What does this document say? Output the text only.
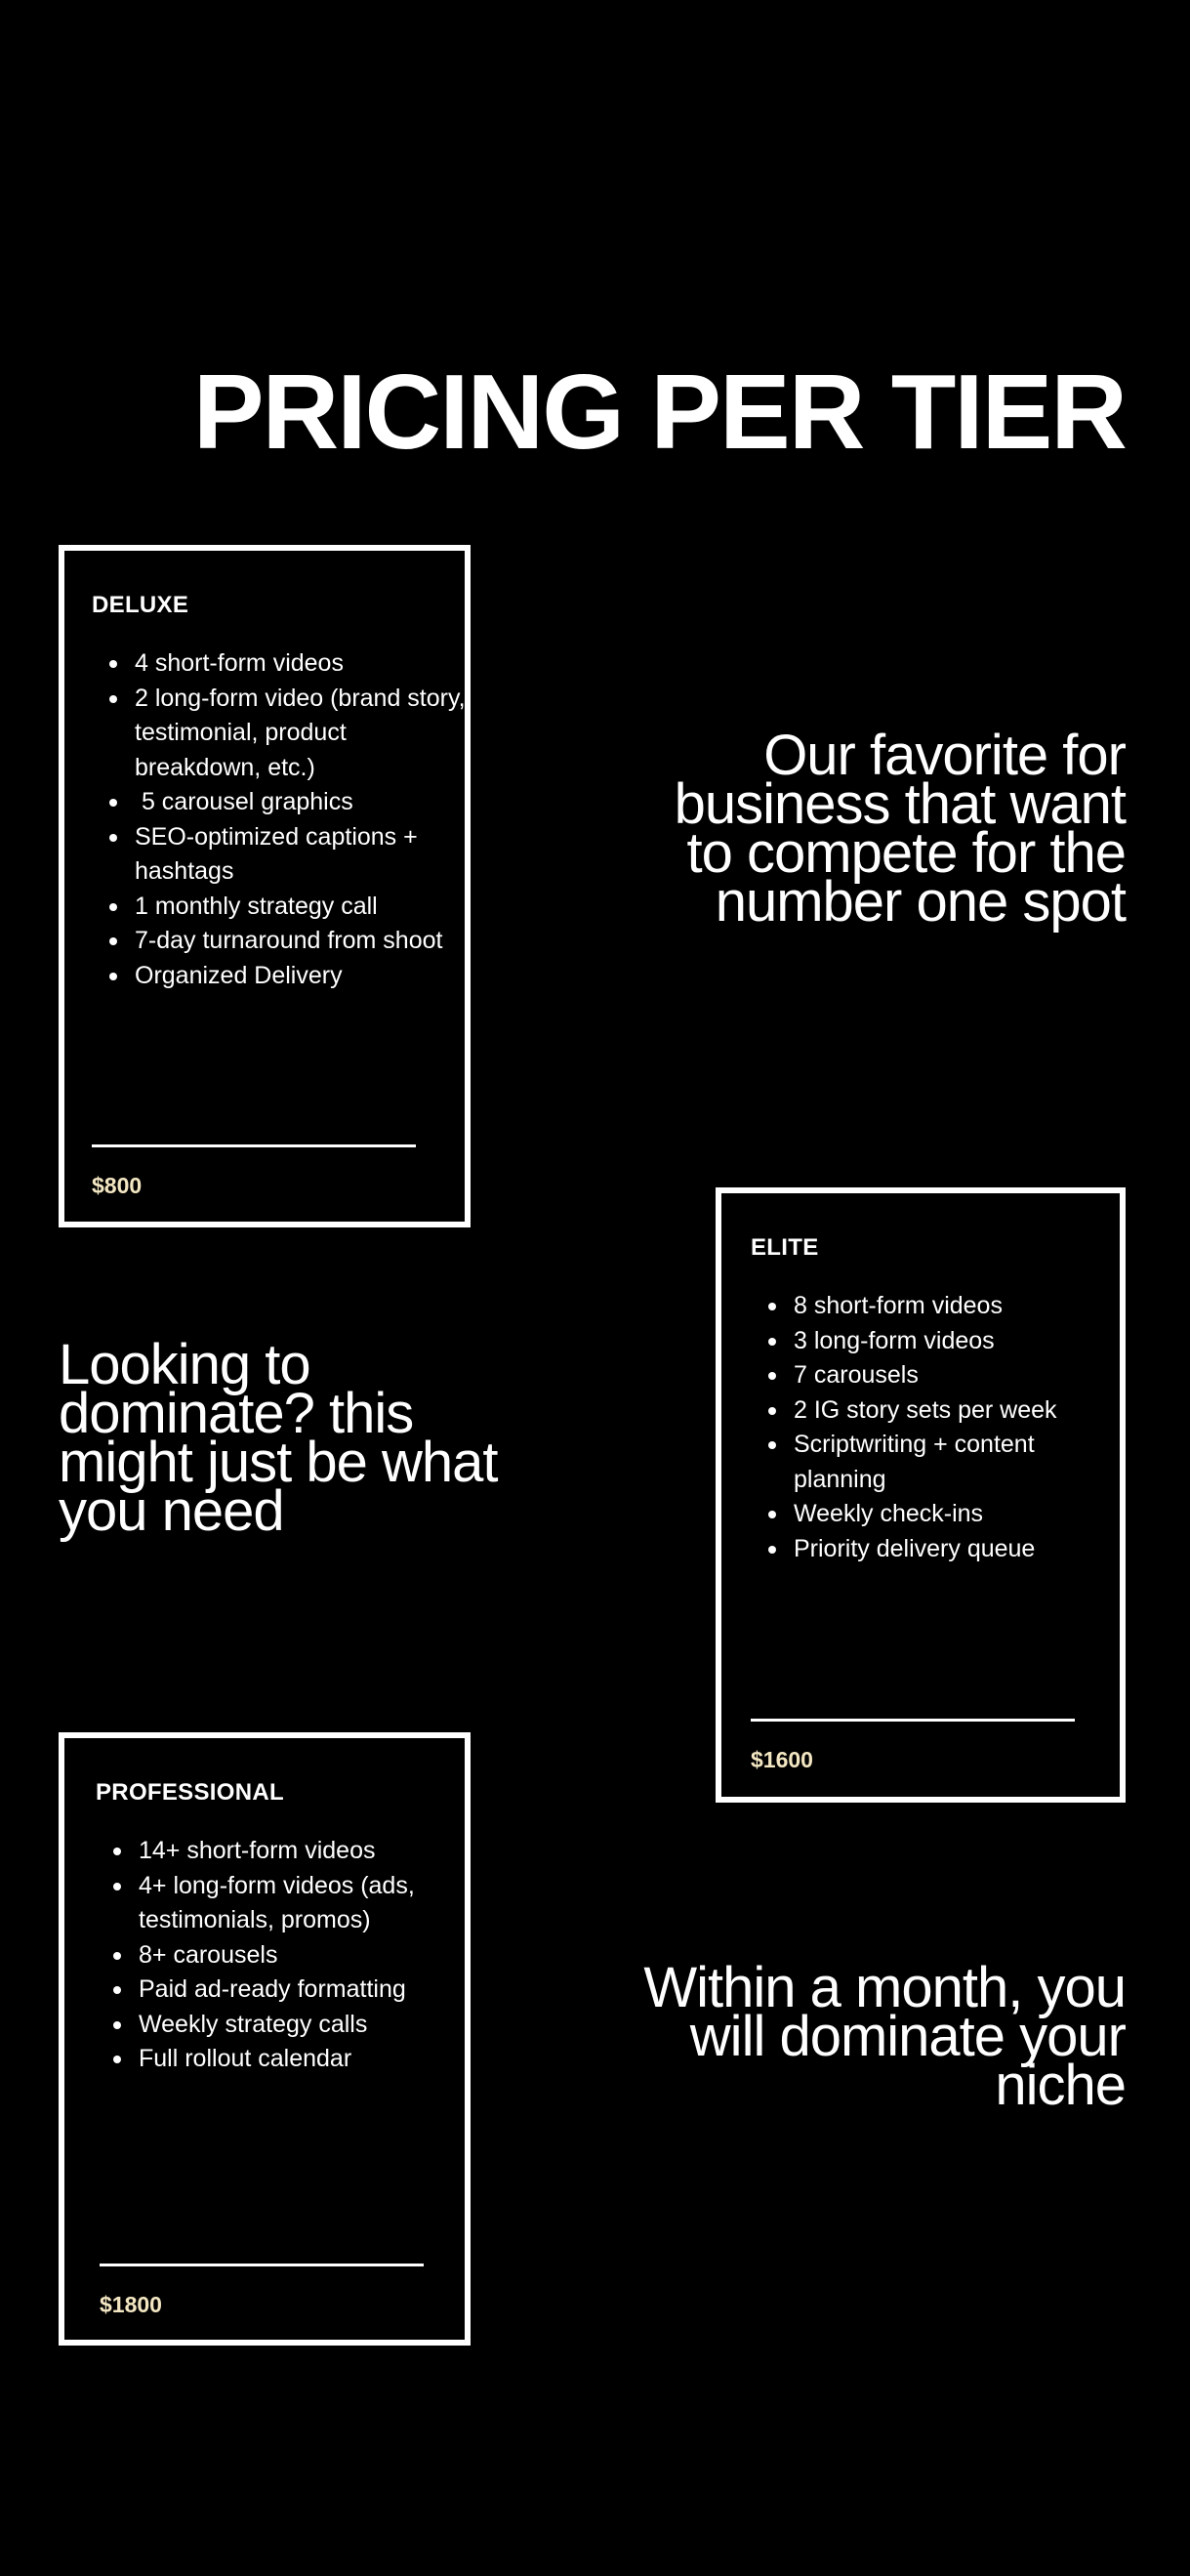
PRICING PER TIER
DELUXE
4 short-form videos
2 long-form video (brand story, testimonial, product breakdown, etc.)
5 carousel graphics
SEO-optimized captions + hashtags
1 monthly strategy call
7-day turnaround from shoot
Organized Delivery

$800

Our favorite for business that want to compete for the number one spot

ELITE
8 short-form videos
3 long-form videos
7 carousels
2 IG story sets per week
Scriptwriting + content planning
Weekly check-ins
Priority delivery queue

$1600

Looking to dominate? this might just be what you need

PROFESSIONAL
14+ short-form videos
4+ long-form videos (ads, testimonials, promos)
8+ carousels
Paid ad-ready formatting
Weekly strategy calls
Full rollout calendar

$1800

Within a month, you will dominate your niche
